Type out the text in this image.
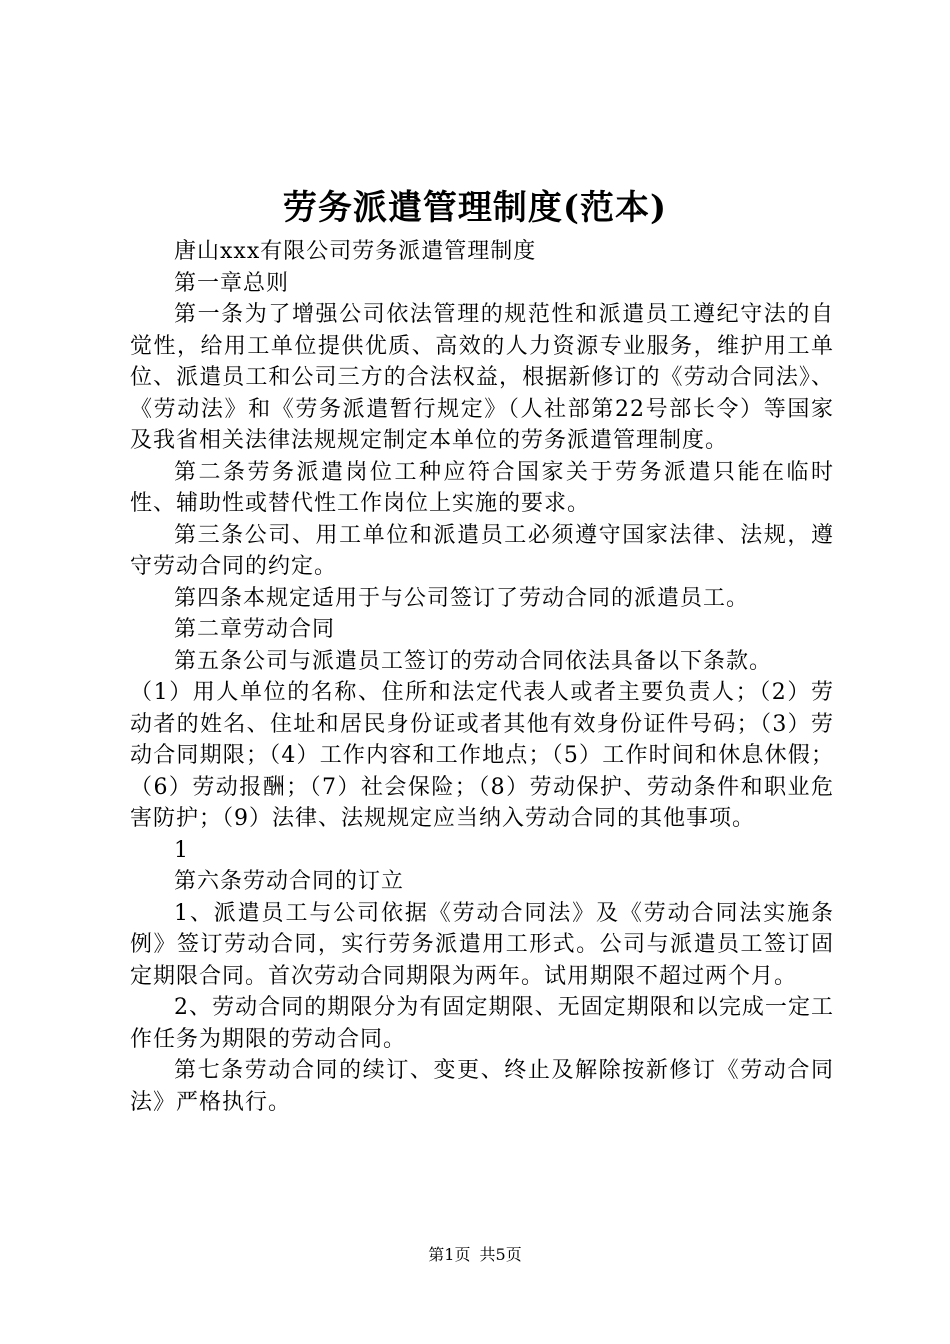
劳务派遣管理制度(范本)

唐山xxx有限公司劳务派遣管理制度

第一章总则

第一条为了增强公司依法管理的规范性和派遣员工遵纪守法的自觉性，给用工单位提供优质、高效的人力资源专业服务，维护用工单位、派遣员工和公司三方的合法权益，根据新修订的《劳动合同法》、《劳动法》和《劳务派遣暂行规定》（人社部第22号部长令）等国家及我省相关法律法规规定制定本单位的劳务派遣管理制度。

第二条劳务派遣岗位工种应符合国家关于劳务派遣只能在临时性、辅助性或替代性工作岗位上实施的要求。

第三条公司、用工单位和派遣员工必须遵守国家法律、法规，遵守劳动合同的约定。

第四条本规定适用于与公司签订了劳动合同的派遣员工。

第二章劳动合同

第五条公司与派遣员工签订的劳动合同依法具备以下条款。

（1）用人单位的名称、住所和法定代表人或者主要负责人；（2）劳动者的姓名、住址和居民身份证或者其他有效身份证件号码；（3）劳动合同期限；（4）工作内容和工作地点；（5）工作时间和休息休假；（6）劳动报酬；（7）社会保险；（8）劳动保护、劳动条件和职业危害防护；（9）法律、法规规定应当纳入劳动合同的其他事项。

1

第六条劳动合同的订立

1、派遣员工与公司依据《劳动合同法》及《劳动合同法实施条例》签订劳动合同，实行劳务派遣用工形式。公司与派遣员工签订固定期限合同。首次劳动合同期限为两年。试用期限不超过两个月。

2、劳动合同的期限分为有固定期限、无固定期限和以完成一定工作任务为期限的劳动合同。

第七条劳动合同的续订、变更、终止及解除按新修订《劳动合同法》严格执行。

第1页 共5页
